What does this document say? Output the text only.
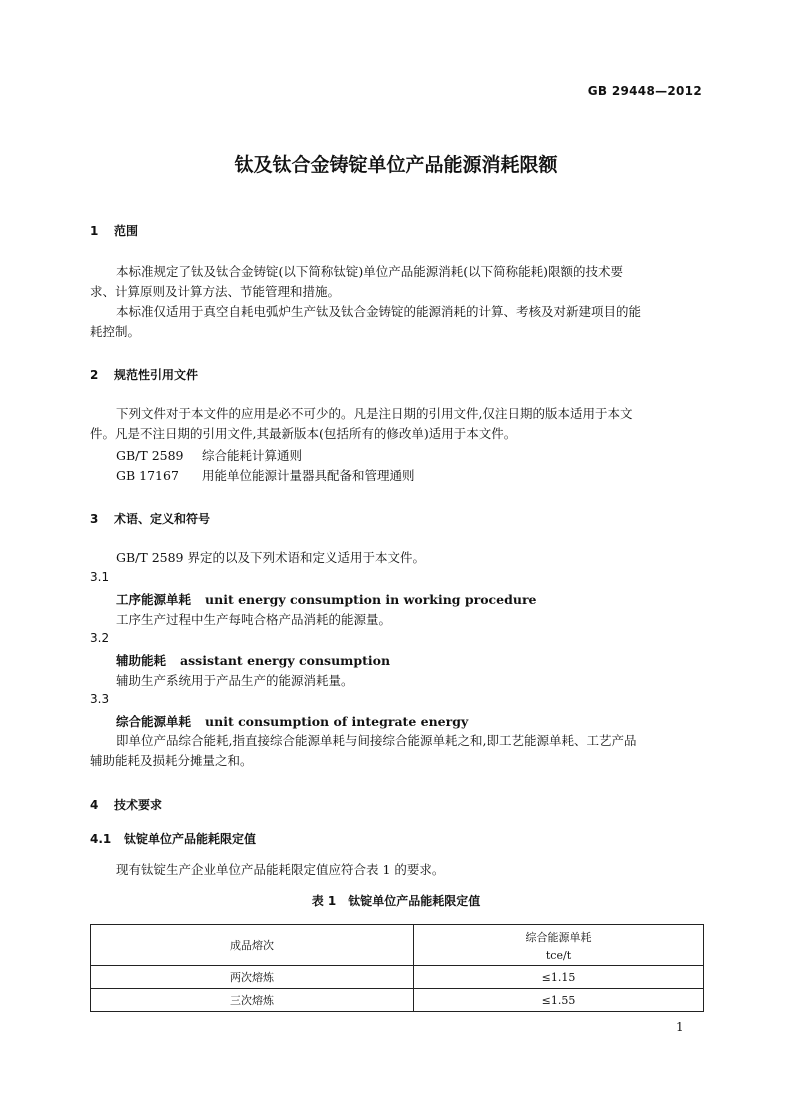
GB 29448—2012
钛及钛合金铸锭单位产品能源消耗限额
1 范围
本标准规定了钛及钛合金铸锭(以下简称钛锭)单位产品能源消耗(以下简称能耗)限额的技术要
求、计算原则及计算方法、节能管理和措施。
本标准仅适用于真空自耗电弧炉生产钛及钛合金铸锭的能源消耗的计算、考核及对新建项目的能
耗控制。
2 规范性引用文件
下列文件对于本文件的应用是必不可少的。凡是注日期的引用文件,仅注日期的版本适用于本文
件。凡是不注日期的引用文件,其最新版本(包括所有的修改单)适用于本文件。
GB/T 2589 综合能耗计算通则
GB 17167 用能单位能源计量器具配备和管理通则
3 术语、定义和符号
GB/T 2589 界定的以及下列术语和定义适用于本文件。
3.1
工序能源单耗 unit energy consumption in working procedure
工序生产过程中生产每吨合格产品消耗的能源量。
3.2
辅助能耗 assistant energy consumption
辅助生产系统用于产品生产的能源消耗量。
3.3
综合能源单耗 unit consumption of integrate energy
即单位产品综合能耗,指直接综合能源单耗与间接综合能源单耗之和,即工艺能源单耗、工艺产品
辅助能耗及损耗分摊量之和。
4 技术要求
4.1 钛锭单位产品能耗限定值
现有钛锭生产企业单位产品能耗限定值应符合表 1 的要求。
表 1　钛锭单位产品能耗限定值
成品熔次	综合能源单耗
tce/t

两次熔炼	≤1.15
三次熔炼	≤1.55
1
